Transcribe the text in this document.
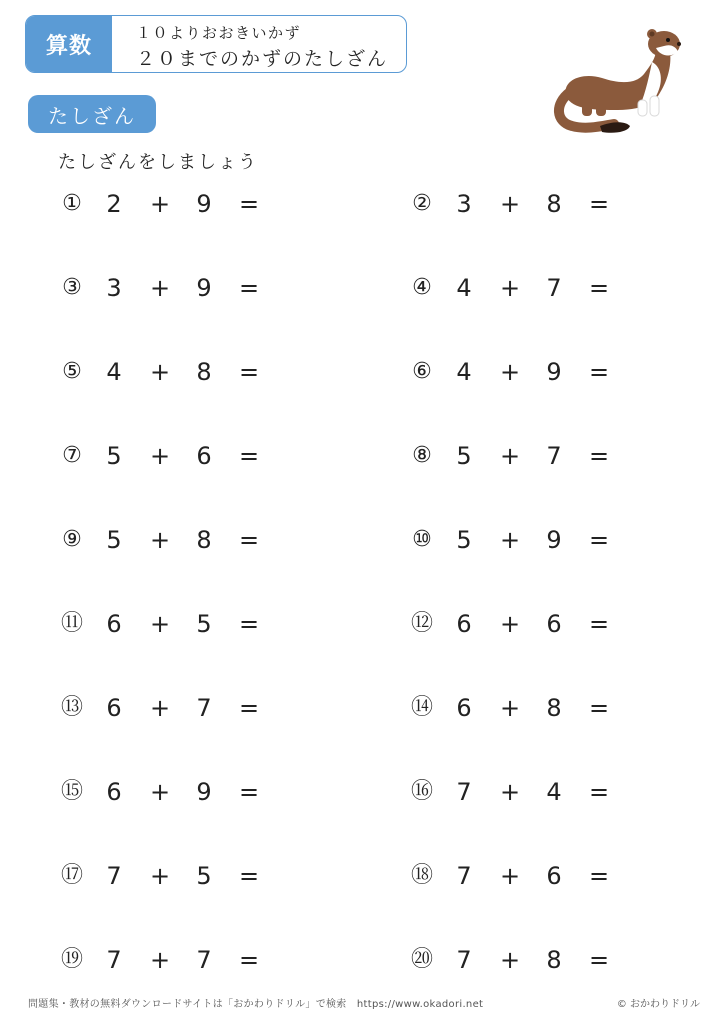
算数
１０よりおおきいかず
２０までのかずのたしざん
たしざん
たしざんをしましょう
① 2 + 9 =	② 3 + 8 =
③ 3 + 9 =	④ 4 + 7 =
⑤ 4 + 8 =	⑥ 4 + 9 =
⑦ 5 + 6 =	⑧ 5 + 7 =
⑨ 5 + 8 =	⑩ 5 + 9 =
⑪ 6 + 5 =	⑫ 6 + 6 =
⑬ 6 + 7 =	⑭ 6 + 8 =
⑮ 6 + 9 =	⑯ 7 + 4 =
⑰ 7 + 5 =	⑱ 7 + 6 =
⑲ 7 + 7 =	⑳ 7 + 8 =
問題集・教材の無料ダウンロードサイトは「おかわりドリル」で検索　https://www.okadori.net	© おかわりドリル
